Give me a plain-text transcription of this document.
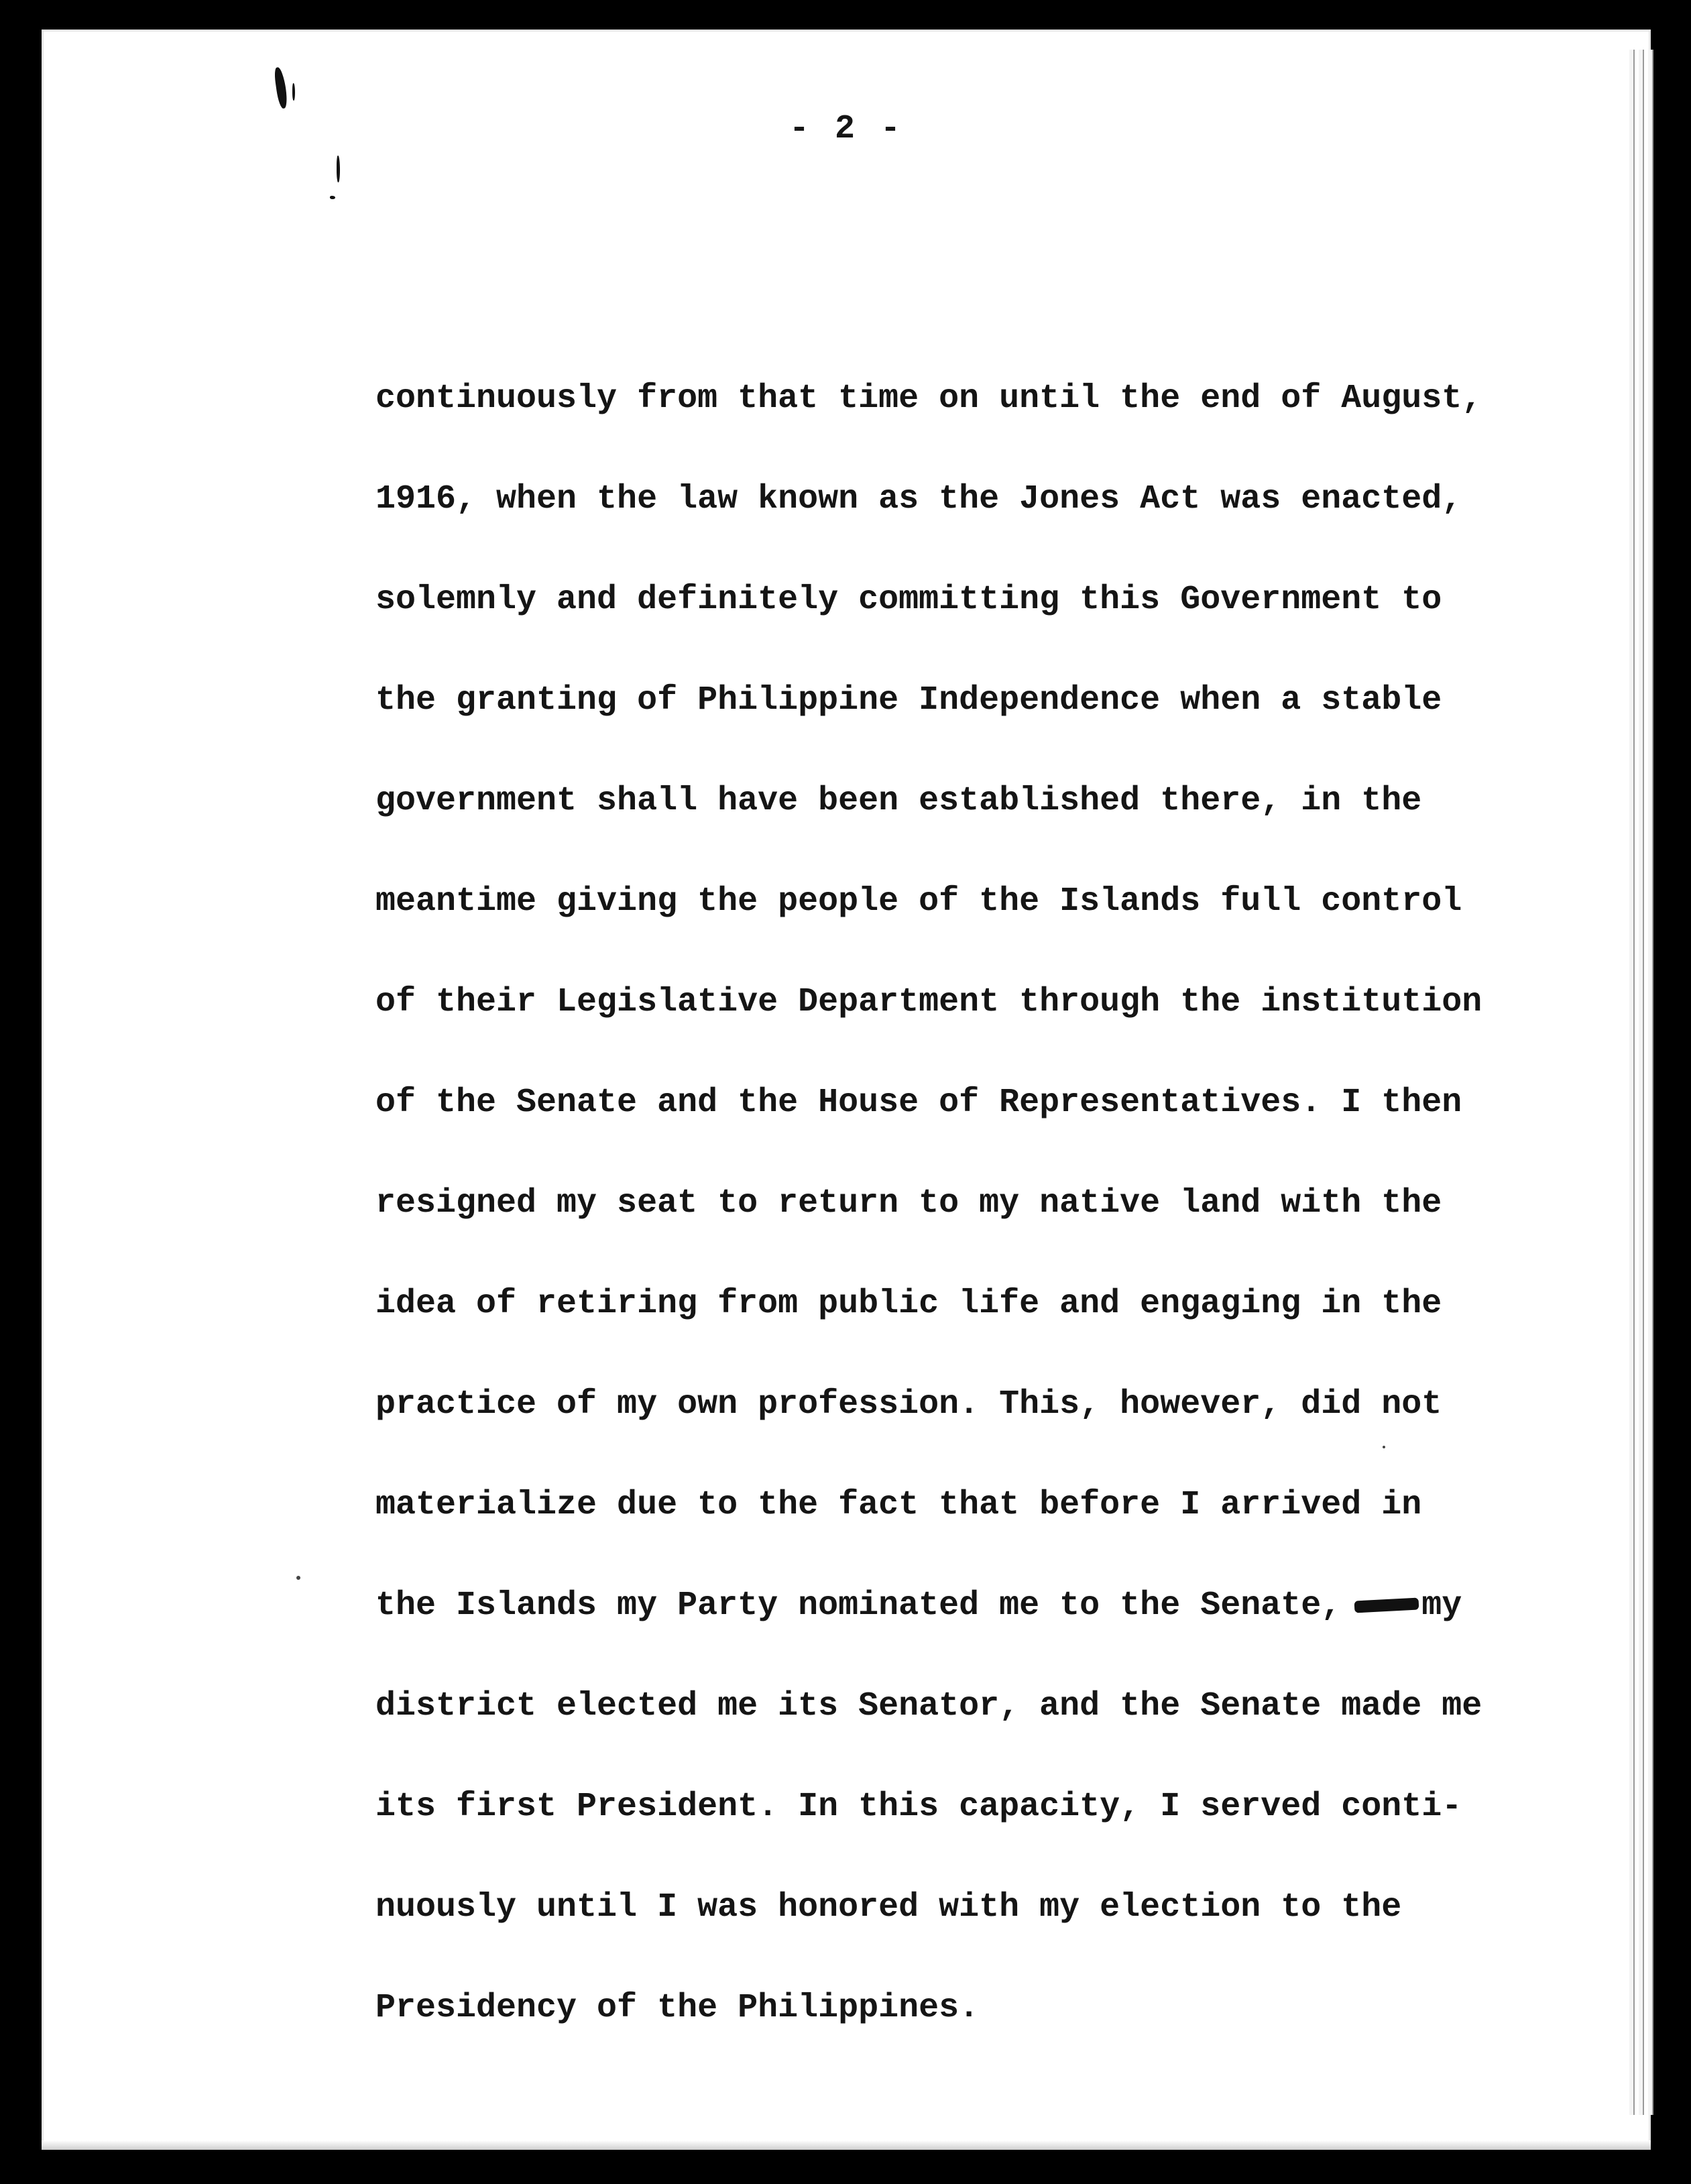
- 2 -
continuously from that time on until the end of August,
1916, when the law known as the Jones Act was enacted,
solemnly and definitely committing this Government to
the granting of Philippine Independence when a stable
government shall have been established there, in the
meantime giving the people of the Islands full control
of their Legislative Department through the institution
of the Senate and the House of Representatives. I then
resigned my seat to return to my native land with the
idea of retiring from public life and engaging in the
practice of my own profession. This, however, did not
materialize due to the fact that before I arrived in
the Islands my Party nominated me to the Senate, my
district elected me its Senator, and the Senate made me
its first President. In this capacity, I served conti-
nuously until I was honored with my election to the
Presidency of the Philippines.
